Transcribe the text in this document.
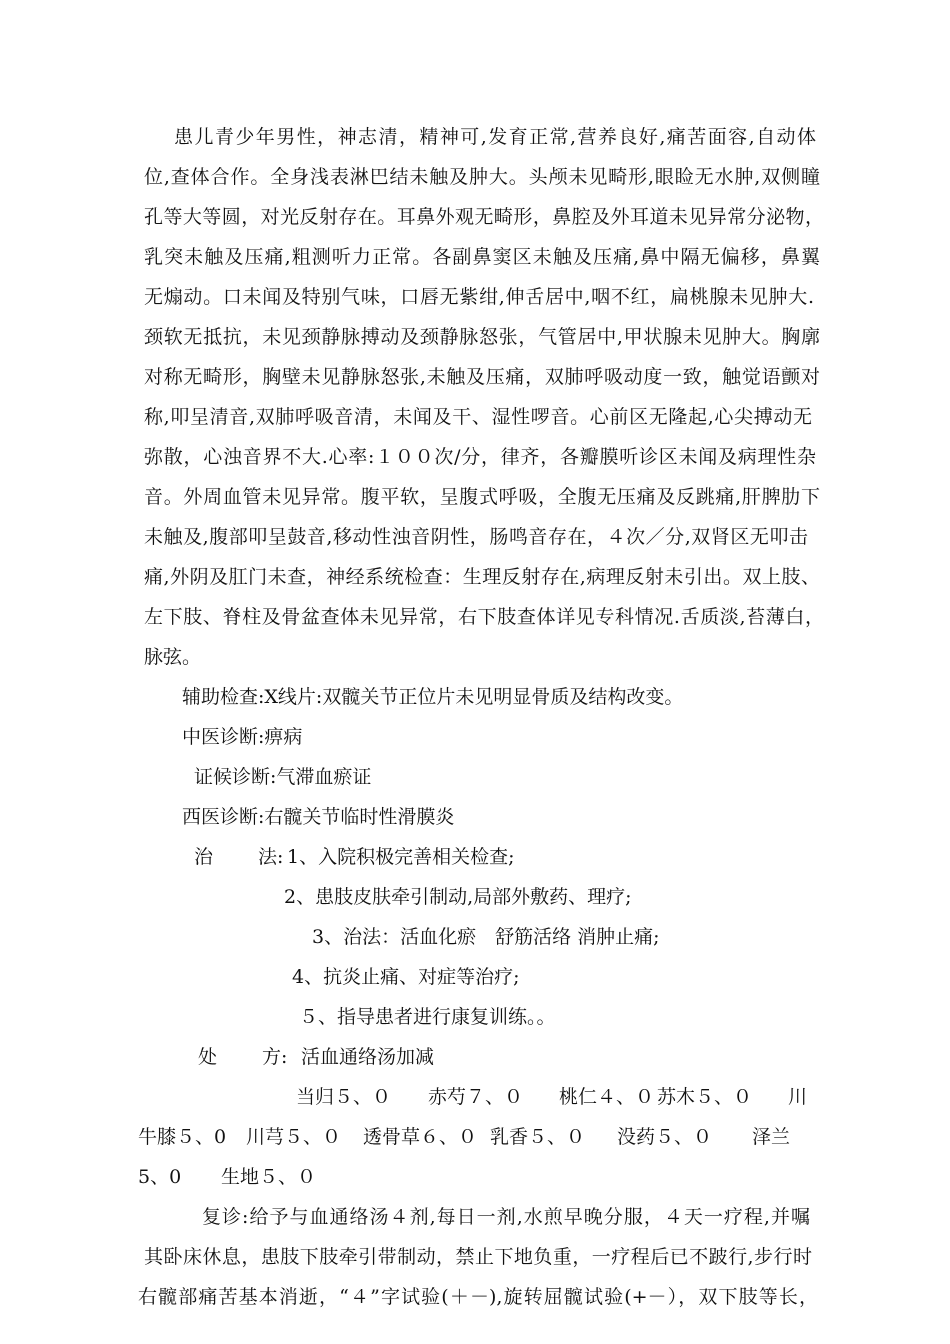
患儿青少年男性，神志清，精神可,发育正常,营养良好,痛苦面容,自动体
位,查体合作。全身浅表淋巴结未触及肿大。头颅未见畸形,眼睑无水肿,双侧瞳
孔等大等圆，对光反射存在。耳鼻外观无畸形，鼻腔及外耳道未见异常分泌物，
乳突未触及压痛,粗测听力正常。各副鼻窦区未触及压痛,鼻中隔无偏移，鼻翼
无煽动。口未闻及特别气味，口唇无紫绀,伸舌居中,咽不红，扁桃腺未见肿大.
颈软无抵抗，未见颈静脉搏动及颈静脉怒张，气管居中,甲状腺未见肿大。胸廓
对称无畸形，胸壁未见静脉怒张,未触及压痛，双肺呼吸动度一致，触觉语颤对
称,叩呈清音,双肺呼吸音清，未闻及干、湿性啰音。心前区无隆起,心尖搏动无
弥散，心浊音界不大.心率:１００次/分，律齐，各瓣膜听诊区未闻及病理性杂
音。外周血管未见异常。腹平软，呈腹式呼吸，全腹无压痛及反跳痛,肝脾肋下
未触及,腹部叩呈鼓音,移动性浊音阴性，肠鸣音存在，４次／分,双肾区无叩击
痛,外阴及肛门未查，神经系统检查：生理反射存在,病理反射未引出。双上肢、
左下肢、脊柱及骨盆查体未见异常，右下肢查体详见专科情况.舌质淡,苔薄白，
脉弦。
辅助检查:X线片:双髋关节正位片未见明显骨质及结构改变。
中医诊断:痹病
证候诊断:气滞血瘀证
西医诊断:右髋关节临时性滑膜炎
治 法: 1、入院积极完善相关检查;
2、患肢皮肤牵引制动,局部外敷药、理疗;
3、治法：活血化瘀　舒筋活络 消肿止痛;
4、抗炎止痛、对症等治疗;
５、指导患者进行康复训练。。
处 方: 活血通络汤加减
当归５、０ 赤芍７、０ 桃仁４、０ 苏木５、０ 川
牛膝５、0 川芎５、０ 透骨草６、０ 乳香５、０ 没药５、０ 泽兰
5、0 生地５、０
复诊:给予与血通络汤４剂,每日一剂,水煎早晚分服，４天一疗程,并嘱
其卧床休息，患肢下肢牵引带制动，禁止下地负重，一疗程后已不跛行,步行时
右髋部痛苦基本消逝，“４”字试验(＋－),旋转屈髋试验(+－），双下肢等长，
